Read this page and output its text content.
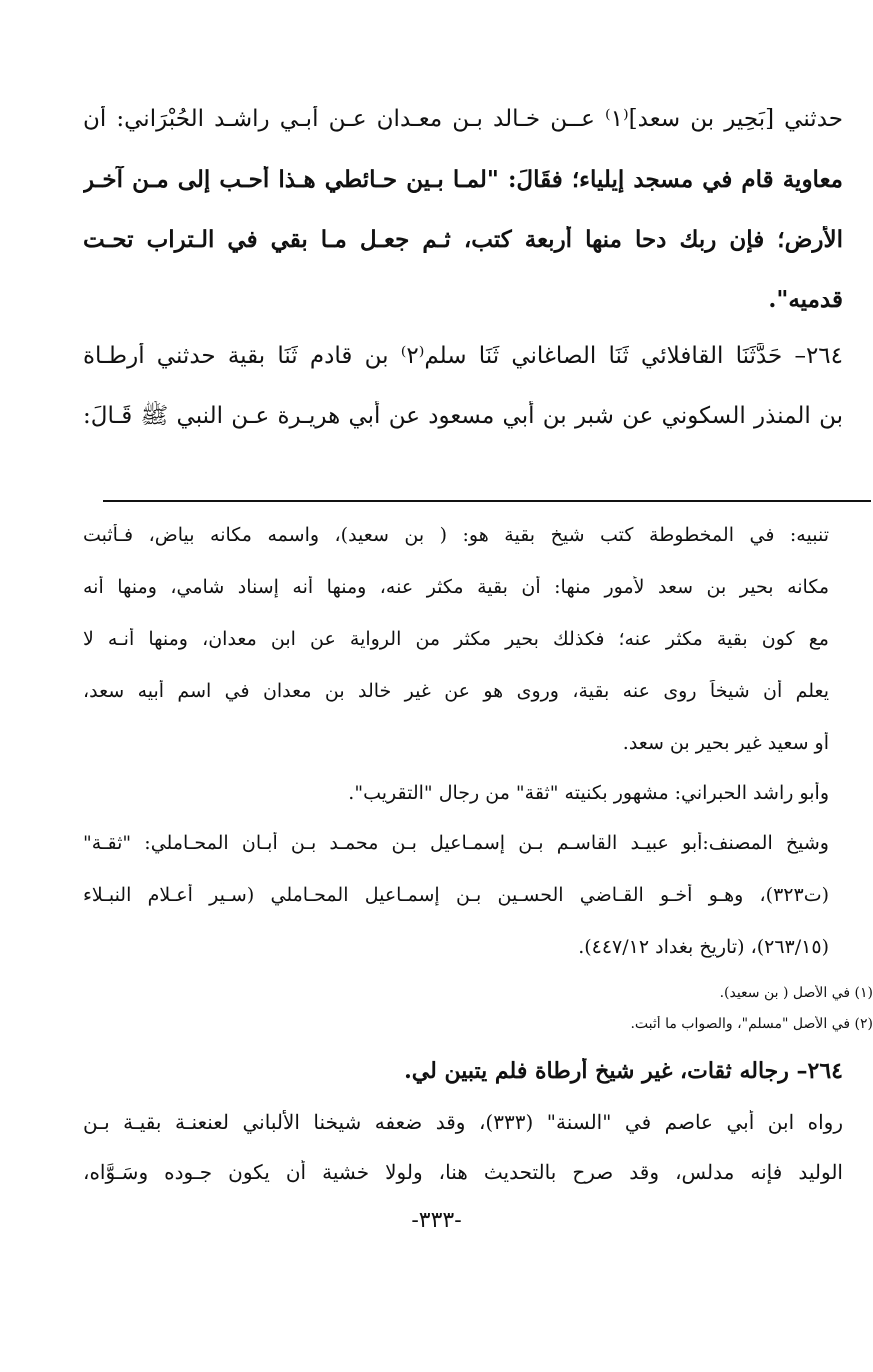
حدثني [بَحِيرِ بن سعد]⁽١⁾ عــن خـالد بـن معـدان عـن أبـي راشـد الحُبْرَاني: أن
معاوية قام في مسجد إيلياء؛ فقَالَ: "لمـا بـين حـائطي هـذا أحـب إلى مـن آخـر
الأرض؛ فإن ربك دحا منها أربعة كتب، ثـم جعـل مـا بقي في الـتراب تحـت
قدميه".
٢٦٤– حَدَّثَنَا القافلائي ثَنَا الصاغاني ثَنَا سلم⁽٢⁾ بن قادم ثَنَا بقية حدثني أرطـاة
بن المنذر السكوني عن شبر بن أبي مسعود عن أبي هريـرة عـن النبي ﷺ قَـالَ:
تنبيه: في المخطوطة كتب شيخ بقية هو: ( بن سعيد)، واسمه مكانه بياض، فـأثبت
مكانه بحير بن سعد لأمور منها: أن بقية مكثر عنه، ومنها أنه إسناد شامي، ومنها أنه
مع كون بقية مكثر عنه؛ فكذلك بحير مكثر من الرواية عن ابن معدان، ومنها أنـه لا
يعلم أن شيخاً روى عنه بقية، وروى هو عن غير خالد بن معدان في اسم أبيه سعد،
أو سعيد غير بحير بن سعد.
وأبو راشد الحبراني: مشهور بكنيته "ثقة" من رجال "التقريب".
وشيخ المصنف:أبو عبيـد القاسـم بـن إسمـاعيل بـن محمـد بـن أبـان المحـاملي: "ثقـة"
(ت٣٢٣)، وهـو أخـو القـاضي الحسـين بـن إسمـاعيل المحـاملي (سـير أعـلام النبـلاء
(٢٦٣/١٥)، (تاريخ بغداد ٤٤٧/١٢).
(١) في الأصل ( بن سعيد).
(٢) في الأصل "مسلم"، والصواب ما أثبت.
٢٦٤– رجاله ثقات، غير شيخ أرطاة فلم يتبين لي.
رواه ابن أبي عاصم في "السنة" (٣٣٣)، وقد ضعفه شيخنا الألباني لعنعنـة بقيـة بـن
الوليد فإنه مدلس، وقد صرح بالتحديث هنا، ولولا خشية أن يكون جـوده وسَـوَّاه،
-٣٣٣-
